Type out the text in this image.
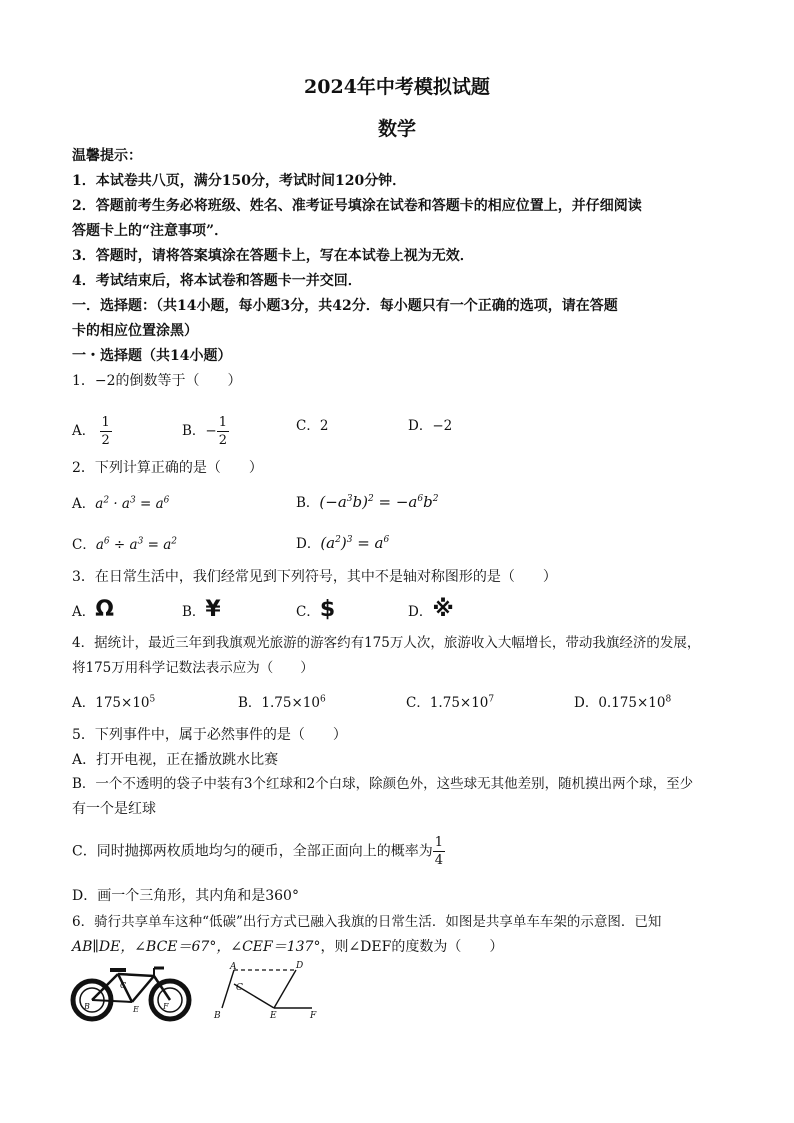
2024年中考模拟试题
数学
温馨提示：
1．本试卷共八页，满分150分，考试时间120分钟．
2．答题前考生务必将班级、姓名、准考证号填涂在试卷和答题卡的相应位置上，并仔细阅读
答题卡上的“注意事项”．
3．答题时，请将答案填涂在答题卡上，写在本试卷上视为无效．
4．考试结束后，将本试卷和答题卡一并交回．
一．选择题：（共14小题，每小题3分，共42分．每小题只有一个正确的选项，请在答题
卡的相应位置涂黑）
一・选择题（共14小题）
1．−2的倒数等于（　　）
A． $\frac{1}{2}$	B．− $\frac{1}{2}$	C．2	D．−2
2．下列计算正确的是（　　）
A．$a^2 \cdot a^3 = a^6$	B．$(-a^3b)^2 = -a^6b^2$
C．$a^6 \div a^3 = a^2$	D．$(a^2)^3 = a^6$
3．在日常生活中，我们经常见到下列符号，其中不是轴对称图形的是（　　）
A．Ω	B．¥	C．$	D．※
4．据统计，最近三年到我旗观光旅游的游客约有175万人次，旅游收入大幅增长，带动我旗经济的发展，
将175万用科学记数法表示应为（　　）
A．$175\times 10^5$	B．$1.75\times 10^6$	C．$1.75\times 10^7$	D．$0.175\times 10^8$
5．下列事件中，属于必然事件的是（　　）
A．打开电视，正在播放跳水比赛
B．一个不透明的袋子中装有3个红球和2个白球，除颜色外，这些球无其他差别，随机摸出两个球，至少
有一个是红球
C．同时抛掷两枚质地均匀的硬币，全部正面向上的概率为 $\frac{1}{4}$
D．画一个三角形，其内角和是360°
6．骑行共享单车这种“低碳”出行方式已融入我旗的日常生活．如图是共享单车车架的示意图．已知
AB∥DE，∠BCE＝67°，∠CEF＝137°，则∠DEF的度数为（　　）
C
B	E	F
A	D
C
B	E	F
